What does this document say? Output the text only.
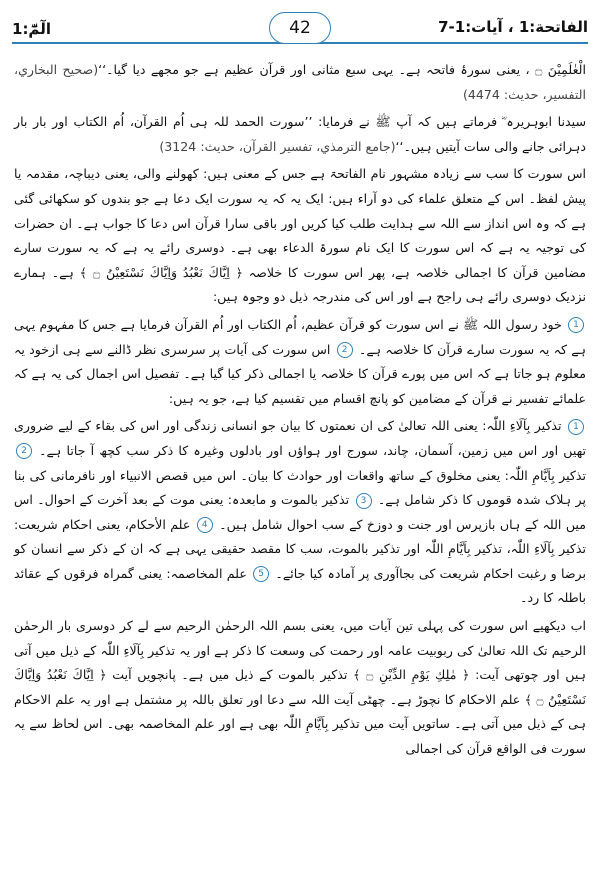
الٓمّٓ:1	42	الفاتحة:1 ، آیات:1-7

الْعٰلَمِيْنَ ۝ ، یعنی سورۂ فاتحہ ہے۔ یہی سبع مثانی اور قرآن عظیم ہے جو مجھے دیا گیا۔‘‘(صحيح البخاري، التفسير، حديث: 4474)

سیدنا ابوہریرہ ؓ فرماتے ہیں کہ آپ ﷺ نے فرمایا: ’’سورت الحمد للہ ہی اُم القرآن، اُم الکتاب اور بار بار دہرائی جانے والی سات آیتیں ہیں۔‘‘(جامع الترمذي، تفسير القرآن، حديث: 3124)

اس سورت کا سب سے زیادہ مشہور نام الفاتحۃ ہے جس کے معنی ہیں: کھولنے والی، یعنی دیباچہ، مقدمہ یا پیش لفظ۔ اس کے متعلق علماء کی دو آراء ہیں: ایک یہ کہ یہ سورت ایک دعا ہے جو بندوں کو سکھائی گئی ہے کہ وہ اس انداز سے اللہ سے ہدایت طلب کیا کریں اور باقی سارا قرآن اس دعا کا جواب ہے۔ ان حضرات کی توجیہ یہ ہے کہ اس سورت کا ایک نام سورۃ الدعاء بھی ہے۔ دوسری رائے یہ ہے کہ یہ سورت سارے مضامین قرآن کا اجمالی خلاصہ ہے، پھر اس سورت کا خلاصہ ﴿ اِيَّاكَ نَعْبُدُ وَاِيَّاكَ نَسْتَعِيْنُ ۝ ﴾ ہے۔ ہمارے نزدیک دوسری رائے ہی راجح ہے اور اس کی مندرجہ ذیل دو وجوہ ہیں:

1 خود رسول اللہ ﷺ نے اس سورت کو قرآن عظیم، اُم الکتاب اور اُم القرآن فرمایا ہے جس کا مفہوم یہی ہے کہ یہ سورت سارے قرآن کا خلاصہ ہے۔ 2 اس سورت کی آیات پر سرسری نظر ڈالنے سے ہی ازخود یہ معلوم ہو جاتا ہے کہ اس میں پورے قرآن کا خلاصہ یا اجمالی ذکر کیا گیا ہے۔ تفصیل اس اجمال کی یہ ہے کہ علمائے تفسیر نے قرآن کے مضامین کو پانچ اقسام میں تقسیم کیا ہے، جو یہ ہیں:

1 تذکیر بِآلَاءِ اللّٰہ: یعنی اللہ تعالیٰ کی ان نعمتوں کا بیان جو انسانی زندگی اور اس کی بقاء کے لیے ضروری تھیں اور اس میں زمین، آسمان، چاند، سورج اور ہواؤں اور بادلوں وغیرہ کا ذکر سب کچھ آ جاتا ہے۔ 2 تذکیر بِاَیَّامِ اللّٰہ: یعنی مخلوق کے ساتھ واقعات اور حوادث کا بیان۔ اس میں قصص الانبیاء اور نافرمانی کی بنا پر ہلاک شدہ قوموں کا ذکر شامل ہے۔ 3 تذکیر بالموت و مابعدہ: یعنی موت کے بعد آخرت کے احوال۔ اس میں اللہ کے ہاں بازپرس اور جنت و دوزخ کے سب احوال شامل ہیں۔ 4 علم الأحکام، یعنی احکام شریعت: تذکیر بِآلَاءِ اللّٰہ، تذکیر بِاَیَّامِ اللّٰہ اور تذکیر بالموت، سب کا مقصد حقیقی یہی ہے کہ ان کے ذکر سے انسان کو برضا و رغبت احکام شریعت کی بجاآوری پر آمادہ کیا جائے۔ 5 علم المخاصمہ: یعنی گمراہ فرقوں کے عقائد باطلہ کا رد۔

اب دیکھیے اس سورت کی پہلی تین آیات میں، یعنی بسم اللہ الرحمٰن الرحیم سے لے کر دوسری بار الرحمٰن الرحیم تک اللہ تعالیٰ کی ربوبیت عامہ اور رحمت کی وسعت کا ذکر ہے اور یہ تذکیر بِآلَاءِ اللّٰہ کے ذیل میں آتی ہیں اور چوتھی آیت: ﴿ مٰلِكِ يَوْمِ الدِّيْنِ ۝ ﴾ تذکیر بالموت کے ذیل میں ہے۔ پانچویں آیت ﴿ اِيَّاكَ نَعْبُدُ وَاِيَّاكَ نَسْتَعِيْنُ ۝ ﴾ علم الاحکام کا نچوڑ ہے۔ چھٹی آیت اللہ سے دعا اور تعلق باللہ پر مشتمل ہے اور یہ علم الاحکام ہی کے ذیل میں آتی ہے۔ ساتویں آیت میں تذکیر بِاَیَّامِ اللّٰہ بھی ہے اور علم المخاصمہ بھی۔ اس لحاظ سے یہ سورت فی الواقع قرآن کی اجمالی
